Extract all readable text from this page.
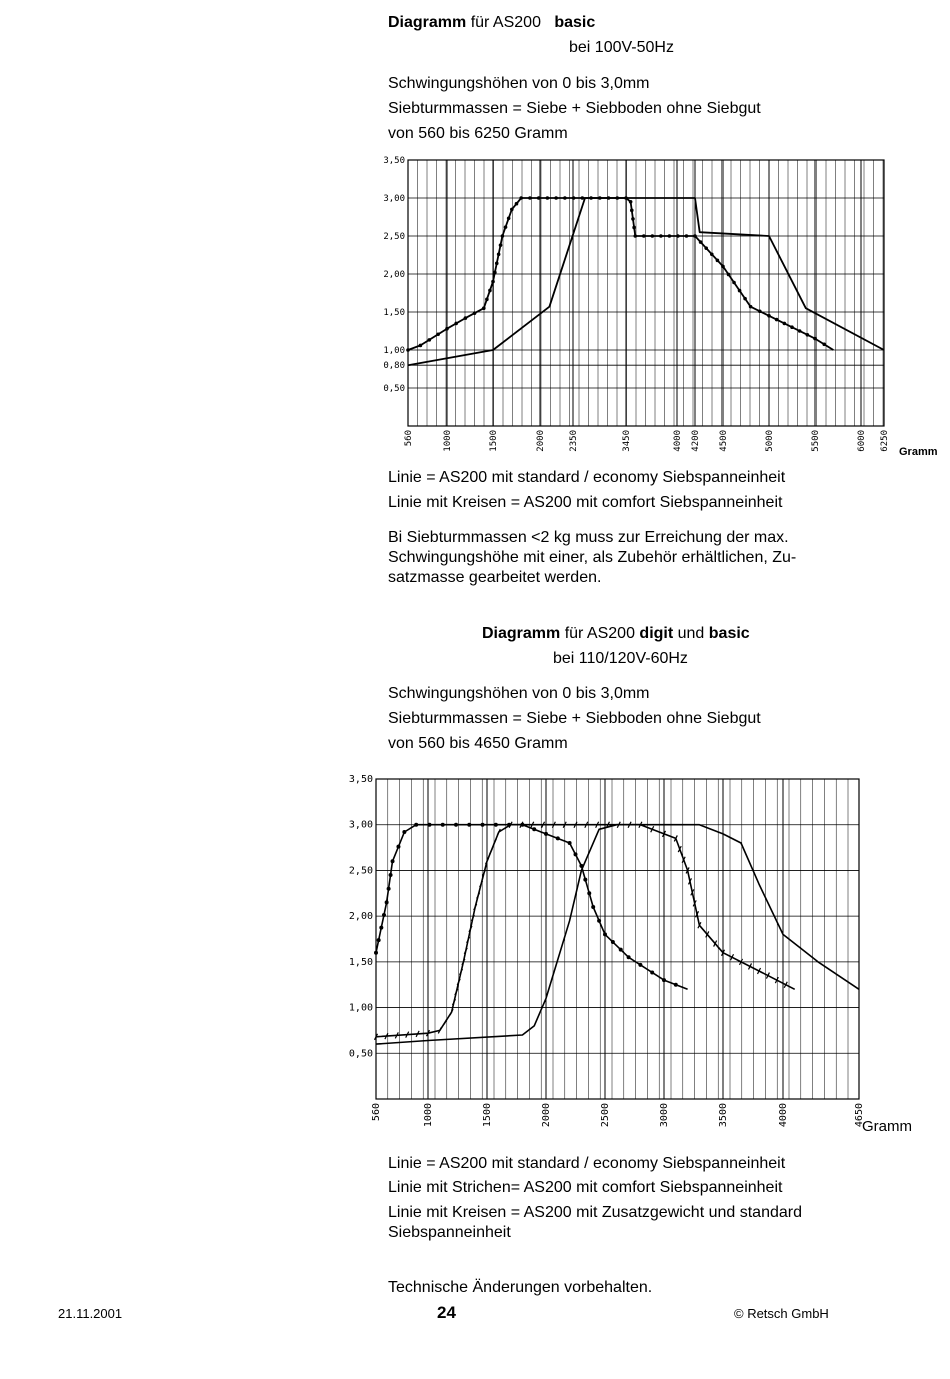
Diagramm für AS200   basic
bei 100V-50Hz
Schwingungshöhen von 0 bis 3,0mm
Siebturmmassen = Siebe + Siebboden ohne Siebgut
von 560 bis 6250 Gramm
3,50
3,00
2,50
2,00
1,50
1,00
0,80
0,50
560	1000	1500	2000	2350	3450	4000 4200 4500	5000	5500	6000 6250
Gramm
Linie = AS200 mit standard / economy Siebspanneinheit
Linie mit Kreisen = AS200 mit comfort Siebspanneinheit
Bi Siebturmmassen <2 kg muss zur Erreichung der max.
Schwingungshöhe mit einer, als Zubehör erhältlichen, Zu-
satzmasse gearbeitet werden.
Diagramm für AS200 digit und basic
bei 110/120V-60Hz
Schwingungshöhen von 0 bis 3,0mm
Siebturmmassen = Siebe + Siebboden ohne Siebgut
von 560 bis 4650 Gramm
3,50
3,00
2,50
2,00
1,50
1,00
0,50
560	1000	1500	2000	2500	3000	3500	4000	4650
Gramm
Linie = AS200 mit standard / economy Siebspanneinheit
Linie mit Strichen= AS200 mit comfort Siebspanneinheit
Linie mit Kreisen = AS200 mit Zusatzgewicht und standard
Siebspanneinheit
Technische Änderungen vorbehalten.
21.11.2001	24	© Retsch GmbH
